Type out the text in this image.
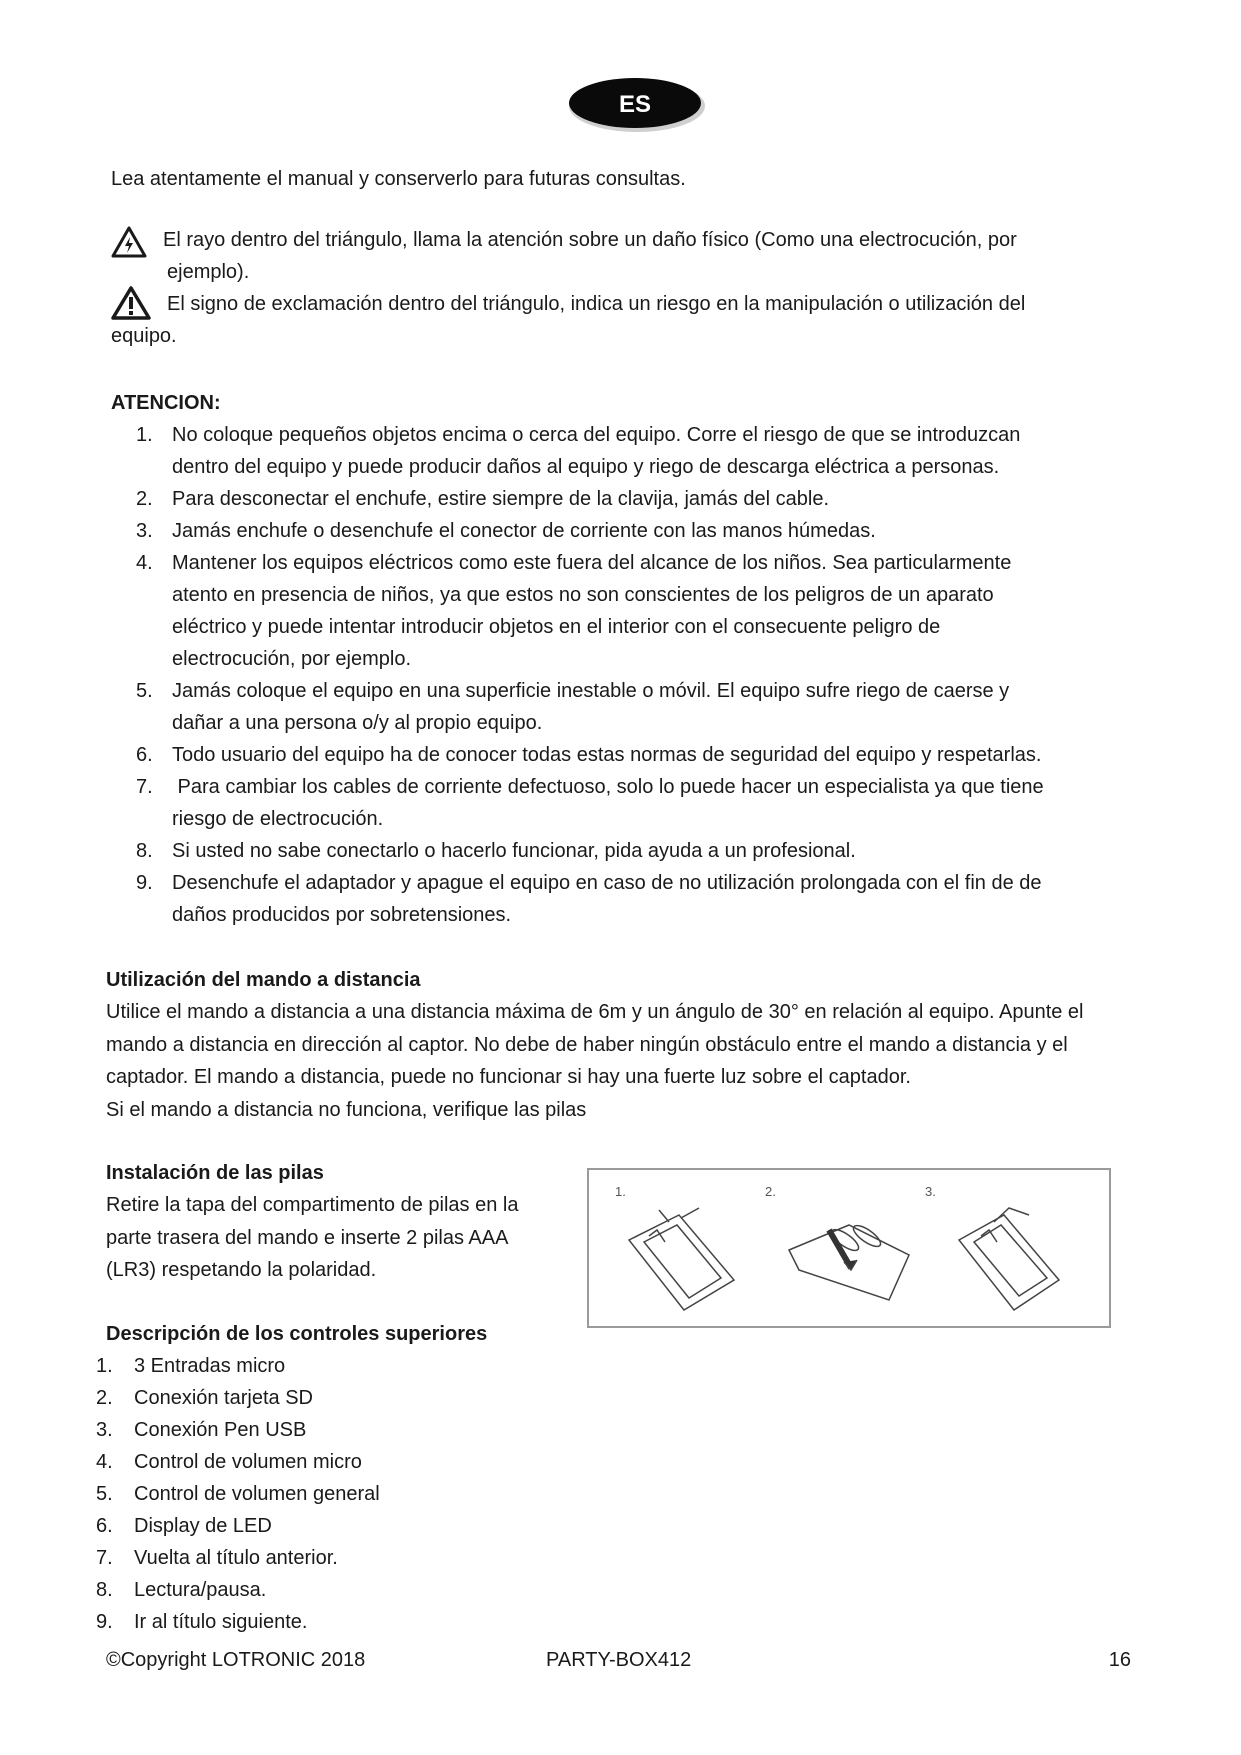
ES
Lea atentamente el manual y conserverlo para futuras consultas.
El rayo dentro del triángulo, llama la atención sobre un daño físico (Como una electrocución, por
ejemplo).
El signo de exclamación dentro del triángulo, indica un riesgo en la manipulación o utilización del
equipo.
ATENCION:
1. No coloque pequeños objetos encima o cerca del equipo. Corre el riesgo de que se introduzcan
dentro del equipo y puede producir daños al equipo y riego de descarga eléctrica a personas.
2. Para desconectar el enchufe, estire siempre de la clavija, jamás del cable.
3. Jamás enchufe o desenchufe el conector de corriente con las manos húmedas.
4. Mantener los equipos eléctricos como este fuera del alcance de los niños. Sea particularmente
atento en presencia de niños, ya que estos no son conscientes de los peligros de un aparato
eléctrico y puede intentar introducir objetos en el interior con el consecuente peligro de
electrocución, por ejemplo.
5. Jamás coloque el equipo en una superficie inestable o móvil. El equipo sufre riego de caerse y
dañar a una persona o/y al propio equipo.
6. Todo usuario del equipo ha de conocer todas estas normas de seguridad del equipo y respetarlas.
7. Para cambiar los cables de corriente defectuoso, solo lo puede hacer un especialista ya que tiene
riesgo de electrocución.
8. Si usted no sabe conectarlo o hacerlo funcionar, pida ayuda a un profesional.
9. Desenchufe el adaptador y apague el equipo en caso de no utilización prolongada con el fin de de
daños producidos por sobretensiones.
Utilización del mando a distancia
Utilice el mando a distancia a una distancia máxima de 6m y un ángulo de 30° en relación al equipo. Apunte el
mando a distancia en dirección al captor. No debe de haber ningún obstáculo entre el mando a distancia y el
captador. El mando a distancia, puede no funcionar si hay una fuerte luz sobre el captador.
Si el mando a distancia no funciona, verifique las pilas
Instalación de las pilas
Retire la tapa del compartimento de pilas en la
parte trasera del mando e inserte 2 pilas AAA
(LR3) respetando la polaridad.
1.	2.	3.
Descripción de los controles superiores
1. 3 Entradas micro
2. Conexión tarjeta SD
3. Conexión Pen USB
4. Control de volumen micro
5. Control de volumen general
6. Display de LED
7. Vuelta al título anterior.
8. Lectura/pausa.
9. Ir al título siguiente.
©Copyright LOTRONIC 2018	PARTY-BOX412	16
